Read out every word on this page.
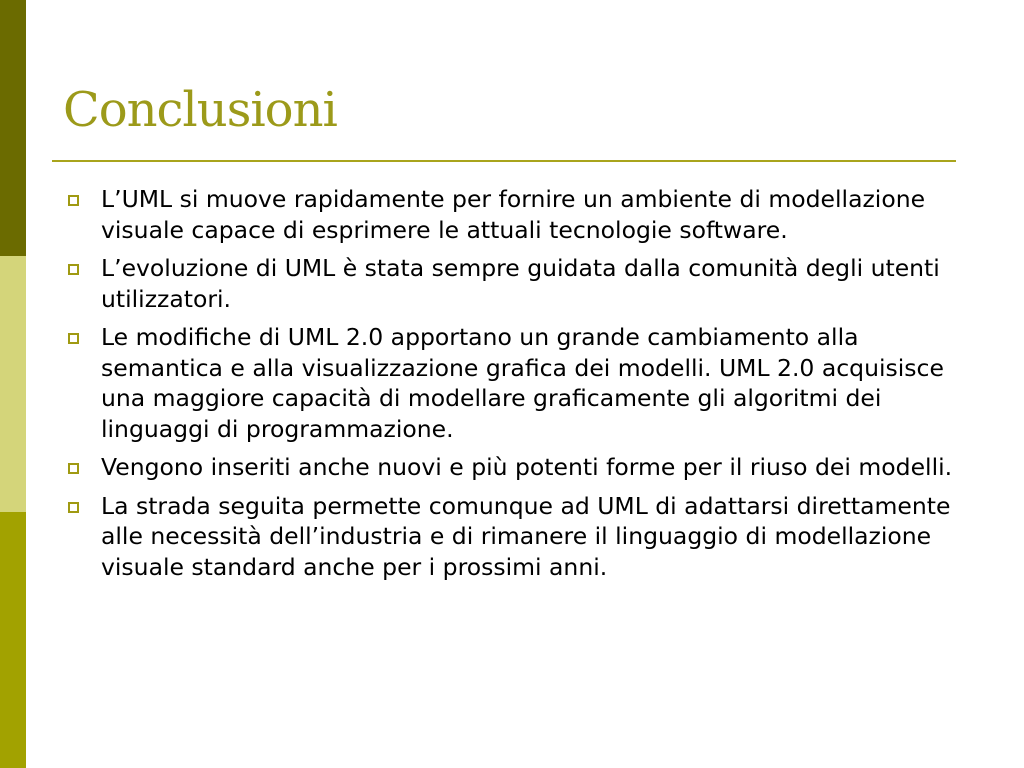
Conclusioni
L’UML si muove rapidamente per fornire un ambiente di modellazione visuale capace di esprimere le attuali tecnologie software.
L’evoluzione di UML è stata sempre guidata dalla comunità degli utenti utilizzatori.
Le modifiche di UML 2.0 apportano un grande cambiamento alla semantica e alla visualizzazione grafica dei modelli. UML 2.0 acquisisce una maggiore capacità di modellare graficamente gli algoritmi dei linguaggi di programmazione.
Vengono inseriti anche nuovi e più potenti forme per il riuso dei modelli.
La strada seguita permette comunque ad UML di adattarsi direttamente alle necessità dell’industria e di rimanere il linguaggio di modellazione visuale standard anche per i prossimi anni.
